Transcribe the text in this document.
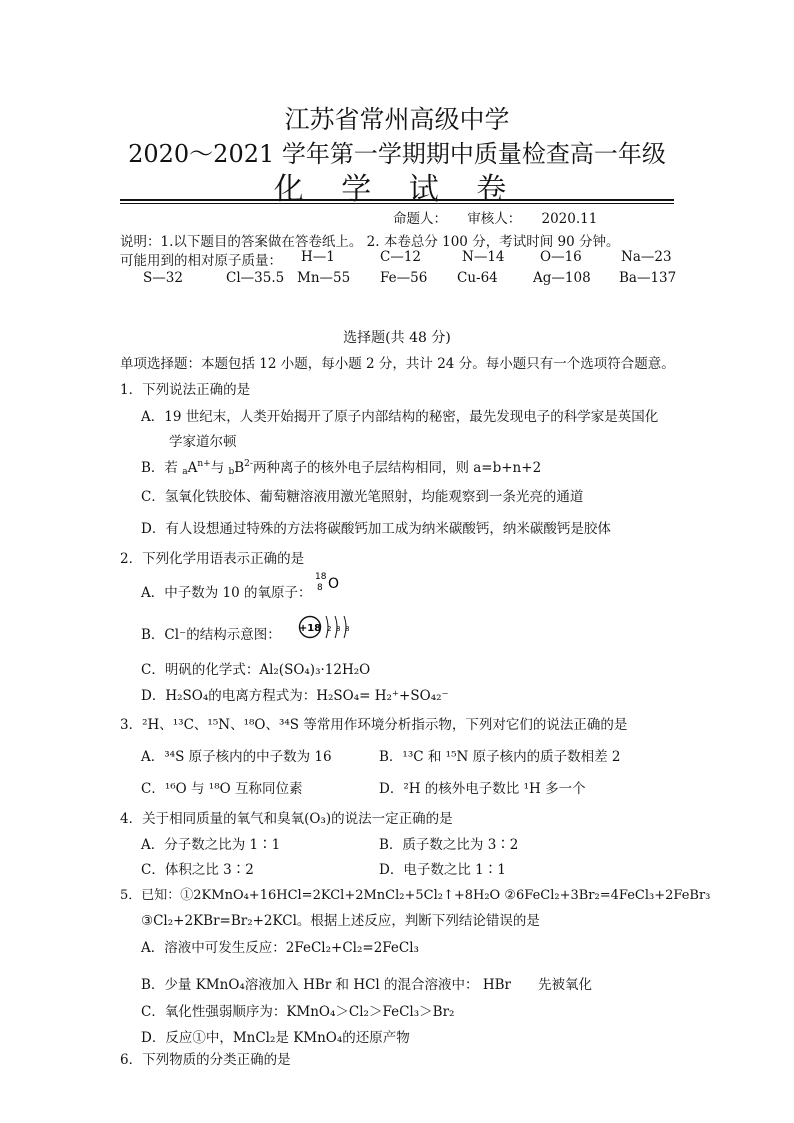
江苏省常州高级中学
2020～2021 学年第一学期期中质量检查高一年级
化 学 试 卷
命题人：　　审核人：　　2020.11
说明：1.以下题目的答案做在答卷纸上。 2. 本卷总分 100 分，考试时间 90 分钟。
可能用到的相对原子质量： H—1	C—12	N—14	O—16	Na—23
S—32	Cl—35.5 Mn—55 Fe—56 Cu-64	Ag—108 Ba—137
选择题(共 48 分)
单项选择题：本题包括 12 小题，每小题 2 分，共计 24 分。每小题只有一个选项符合题意。
1．下列说法正确的是
A．19 世纪末，人类开始揭开了原子内部结构的秘密，最先发现电子的科学家是英国化
学家道尔顿
B．若 $_aA^{n+}$与 $_bB^{2-}$两种离子的核外电子层结构相同，则 a=b+n+2
C．氢氧化铁胶体、葡萄糖溶液用激光笔照射，均能观察到一条光亮的通道
D．有人设想通过特殊的方法将碳酸钙加工成为纳米碳酸钙，纳米碳酸钙是胶体
2．下列化学用语表示正确的是
A．中子数为 10 的氧原子：
18
8 O
B．Cl⁻的结构示意图： +18 2 8 8
C．明矾的化学式：Al₂(SO₄)₃·12H₂O
D．H₂SO₄的电离方程式为：H₂SO₄= H₂⁺+SO₄₂⁻
3．²H、¹³C、¹⁵N、¹⁸O、³⁴S 等常用作环境分析指示物，下列对它们的说法正确的是
A．³⁴S 原子核内的中子数为 16	B．¹³C 和 ¹⁵N 原子核内的质子数相差 2
C．¹⁶O 与 ¹⁸O 互称同位素	D．²H 的核外电子数比 ¹H 多一个
4．关于相同质量的氧气和臭氧(O₃)的说法一定正确的是
A．分子数之比为 1∶1	B．质子数之比为 3∶2
C．体积之比 3∶2	D．电子数之比 1∶1
5．已知：①2KMnO₄+16HCl=2KCl+2MnCl₂+5Cl₂↑+8H₂O ②6FeCl₂+3Br₂=4FeCl₃+2FeBr₃
③Cl₂+2KBr=Br₂+2KCl。根据上述反应，判断下列结论错误的是
A．溶液中可发生反应：2FeCl₂+Cl₂=2FeCl₃
B．少量 KMnO₄溶液加入 HBr 和 HCl 的混合溶液中： HBr　　先被氧化
C．氧化性强弱顺序为：KMnO₄＞Cl₂＞FeCl₃＞Br₂
D．反应①中，MnCl₂是 KMnO₄的还原产物
6．下列物质的分类正确的是
